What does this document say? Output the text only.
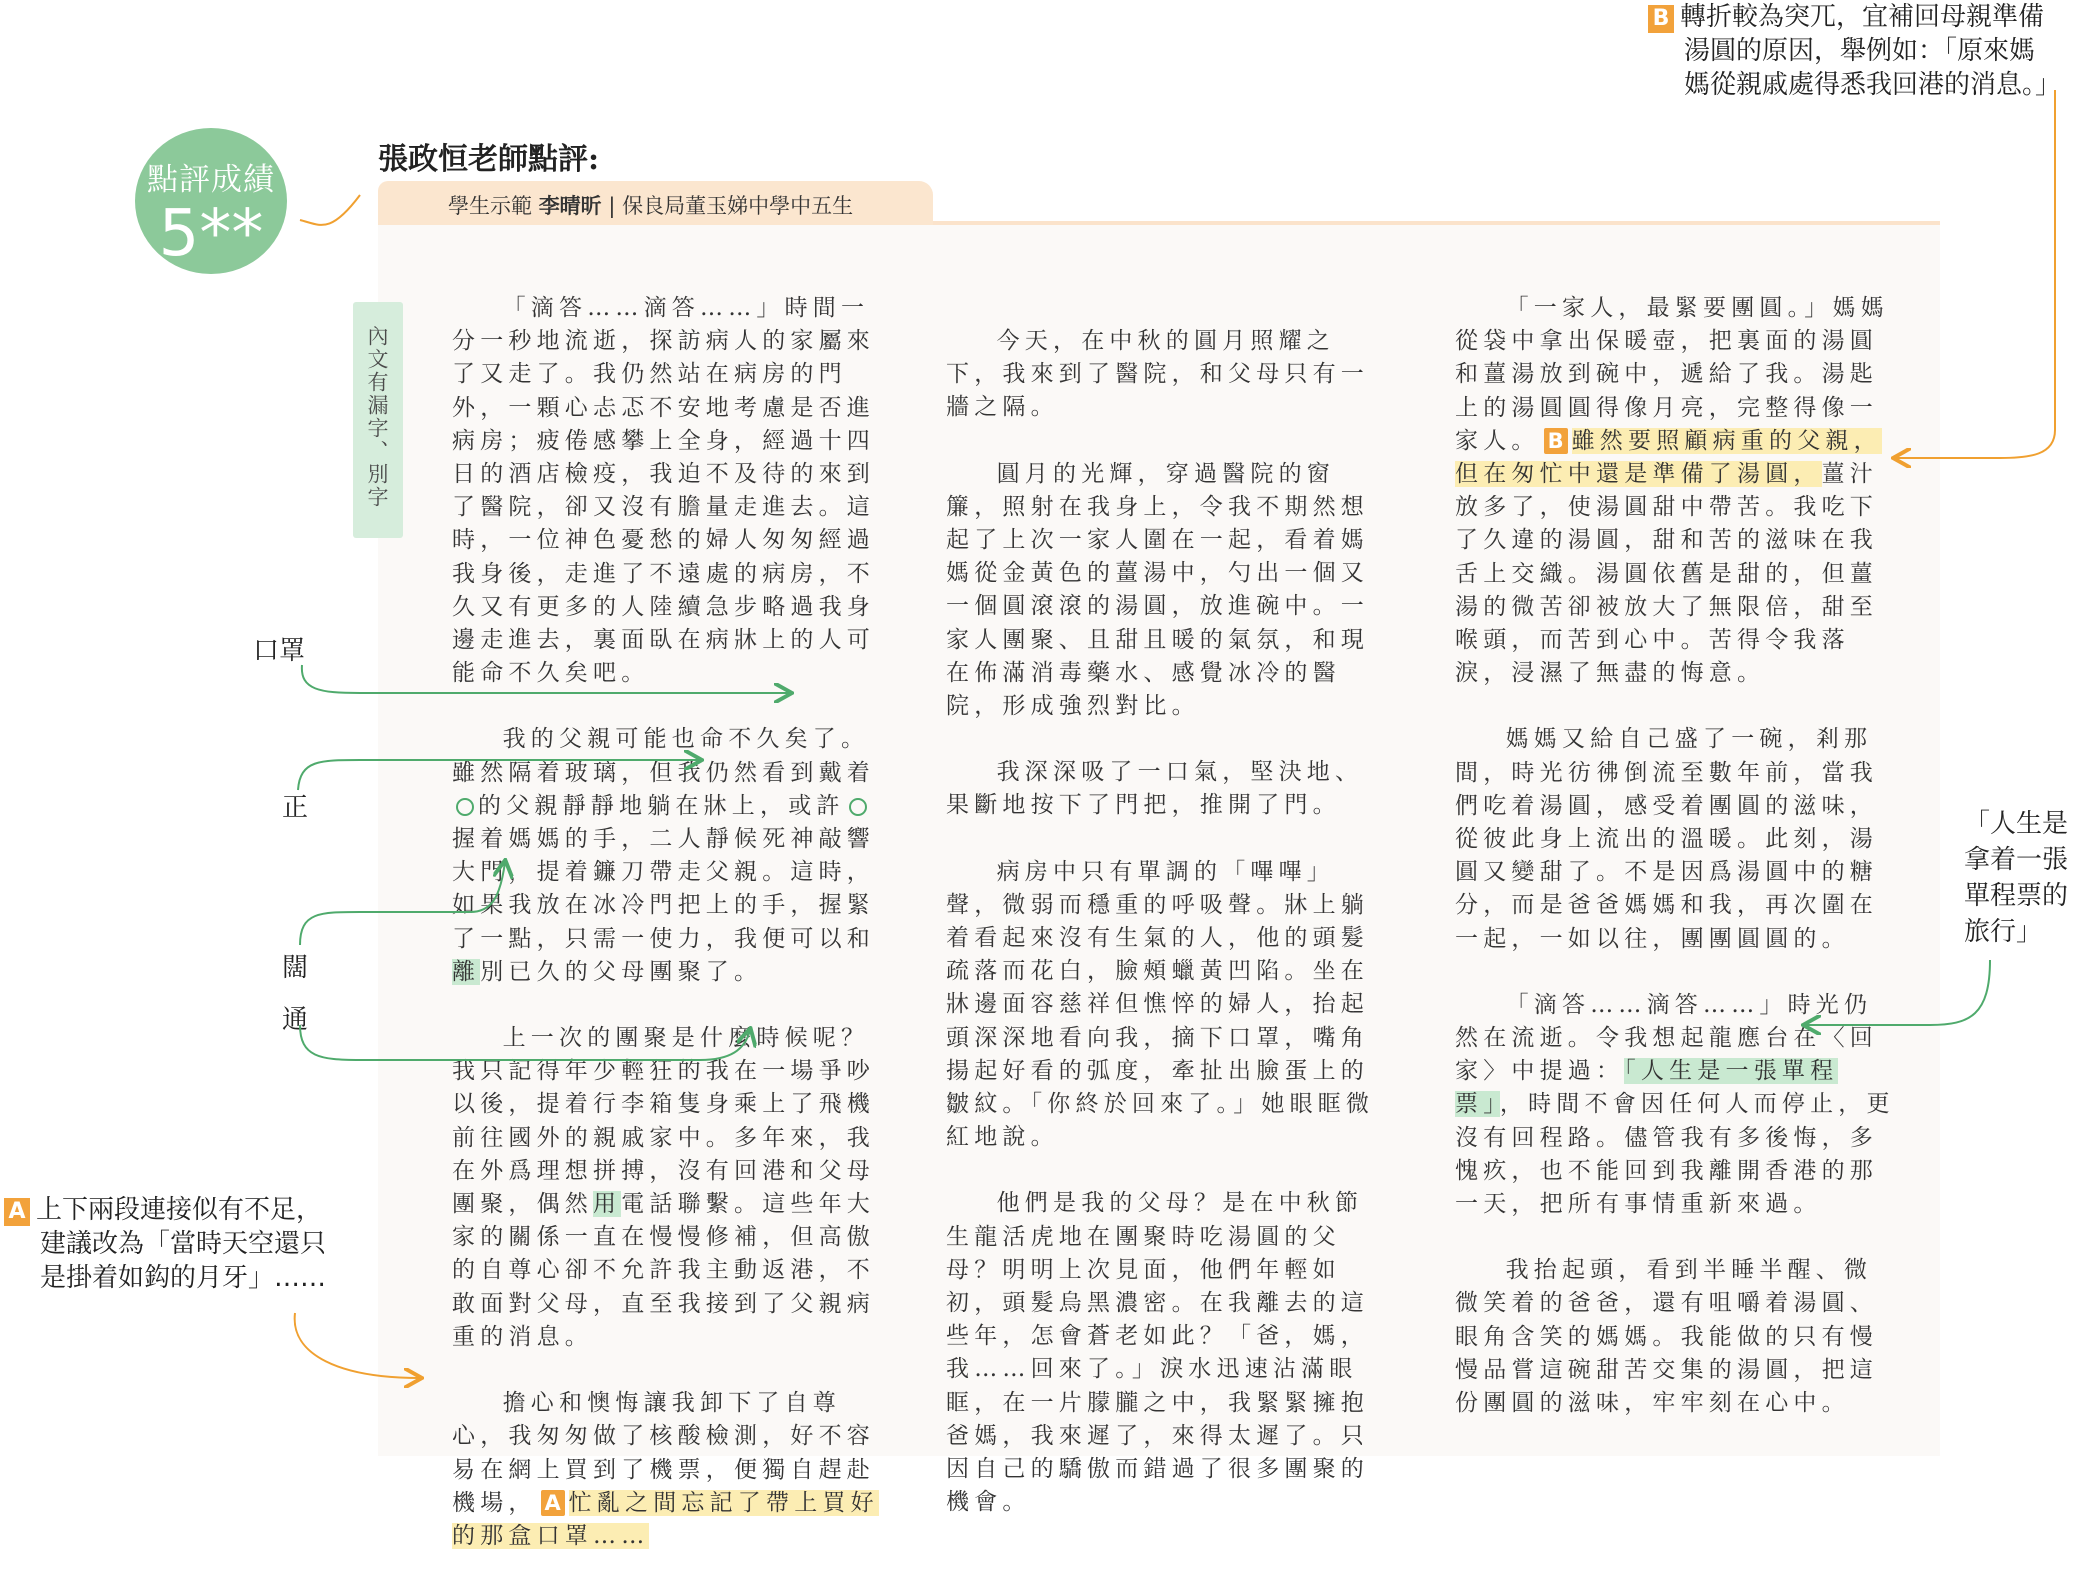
點評成績
5**
張政恒老師點評:
學生示範 李晴昕 | 保良局董玉娣中學中五生
內文有漏字、別字

「滴答……滴答……」時間一分一秒地流逝，探訪病人的家屬來了又走了。我仍然站在病房的門外，一顆心忐忑不安地考慮是否進病房；疲倦感攀上全身，經過十四日的酒店檢疫，我迫不及待的來到了醫院，卻又沒有膽量走進去。這時，一位神色憂愁的婦人匆匆經過我身後，走進了不遠處的病房，不久又有更多的人陸續急步略過我身邊走進去，裏面臥在病牀上的人可能命不久矣吧。

我的父親可能也命不久矣了。雖然隔着玻璃，但我仍然看到戴着的父親靜靜地躺在牀上，或許握着媽媽的手，二人靜候死神敲響大門，提着鐮刀帶走父親。這時，如果我放在冰冷門把上的手，握緊了一點，只需一使力，我便可以和離別已久的父母團聚了。

上一次的團聚是什麼時候呢？我只記得年少輕狂的我在一場爭吵以後，提着行李箱隻身乘上了飛機前往國外的親戚家中。多年來，我在外爲理想拼搏，沒有回港和父母團聚，偶然用電話聯繫。這些年大家的關係一直在慢慢修補，但高傲的自尊心卻不允許我主動返港，不敢面對父母，直至我接到了父親病重的消息。

擔心和懊悔讓我卸下了自尊心，我匆匆做了核酸檢測，好不容易在網上買到了機票，便獨自趕赴機場， A 忙亂之間忘記了帶上買好的那盒口罩……

今天，在中秋的圓月照耀之下，我來到了醫院，和父母只有一牆之隔。

圓月的光輝，穿過醫院的窗簾，照射在我身上，令我不期然想起了上次一家人圍在一起，看着媽媽從金黃色的薑湯中，勺出一個又一個圓滾滾的湯圓，放進碗中。一家人團聚、且甜且暖的氣氛，和現在佈滿消毒藥水、感覺冰冷的醫院，形成強烈對比。

我深深吸了一口氣，堅決地、果斷地按下了門把，推開了門。

病房中只有單調的「嗶嗶」聲，微弱而穩重的呼吸聲。牀上躺着看起來沒有生氣的人，他的頭髮疏落而花白，臉頰蠟黃凹陷。坐在牀邊面容慈祥但憔悴的婦人，抬起頭深深地看向我，摘下口罩，嘴角揚起好看的弧度，牽扯出臉蛋上的皺紋。「你終於回來了。」她眼眶微紅地說。

他們是我的父母？是在中秋節生龍活虎地在團聚時吃湯圓的父母？明明上次見面，他們年輕如初，頭髮烏黑濃密。在我離去的這些年，怎會蒼老如此？「爸，媽，我……回來了。」淚水迅速沾滿眼眶，在一片朦朧之中，我緊緊擁抱爸媽，我來遲了，來得太遲了。只因自己的驕傲而錯過了很多團聚的機會。

「一家人，最緊要團圓。」媽媽從袋中拿出保暖壺，把裏面的湯圓和薑湯放到碗中，遞給了我。湯匙上的湯圓圓得像月亮，完整得像一家人。 B 雖然要照顧病重的父親，但在匆忙中還是準備了湯圓，薑汁放多了，使湯圓甜中帶苦。我吃下了久違的湯圓，甜和苦的滋味在我舌上交織。湯圓依舊是甜的，但薑湯的微苦卻被放大了無限倍，甜至喉頭，而苦到心中。苦得令我落淚，浸濕了無盡的悔意。

媽媽又給自己盛了一碗，剎那間，時光彷彿倒流至數年前，當我們吃着湯圓，感受着團圓的滋味，從彼此身上流出的溫暖。此刻，湯圓又變甜了。不是因爲湯圓中的糖分，而是爸爸媽媽和我，再次圍在一起，一如以往，團團圓圓的。

「滴答……滴答……」時光仍然在流逝。令我想起龍應台在〈回家〉中提過：「人生是一張單程票」，時間不會因任何人而停止，更沒有回程路。儘管我有多後悔，多愧疚，也不能回到我離開香港的那一天，把所有事情重新來過。

我抬起頭，看到半睡半醒、微微笑着的爸爸，還有咀嚼着湯圓、眼角含笑的媽媽。我能做的只有慢慢品嘗這碗甜苦交集的湯圓，把這份團圓的滋味，牢牢刻在心中。

B 轉折較為突兀，宜補回母親準備
湯圓的原因，舉例如：「原來媽
媽從親戚處得悉我回港的消息。」
A 上下兩段連接似有不足，
建議改為「當時天空還只
是掛着如鈎的月牙」……
「人生是拿着一張單程票的旅行」
口罩
正
闊
通
